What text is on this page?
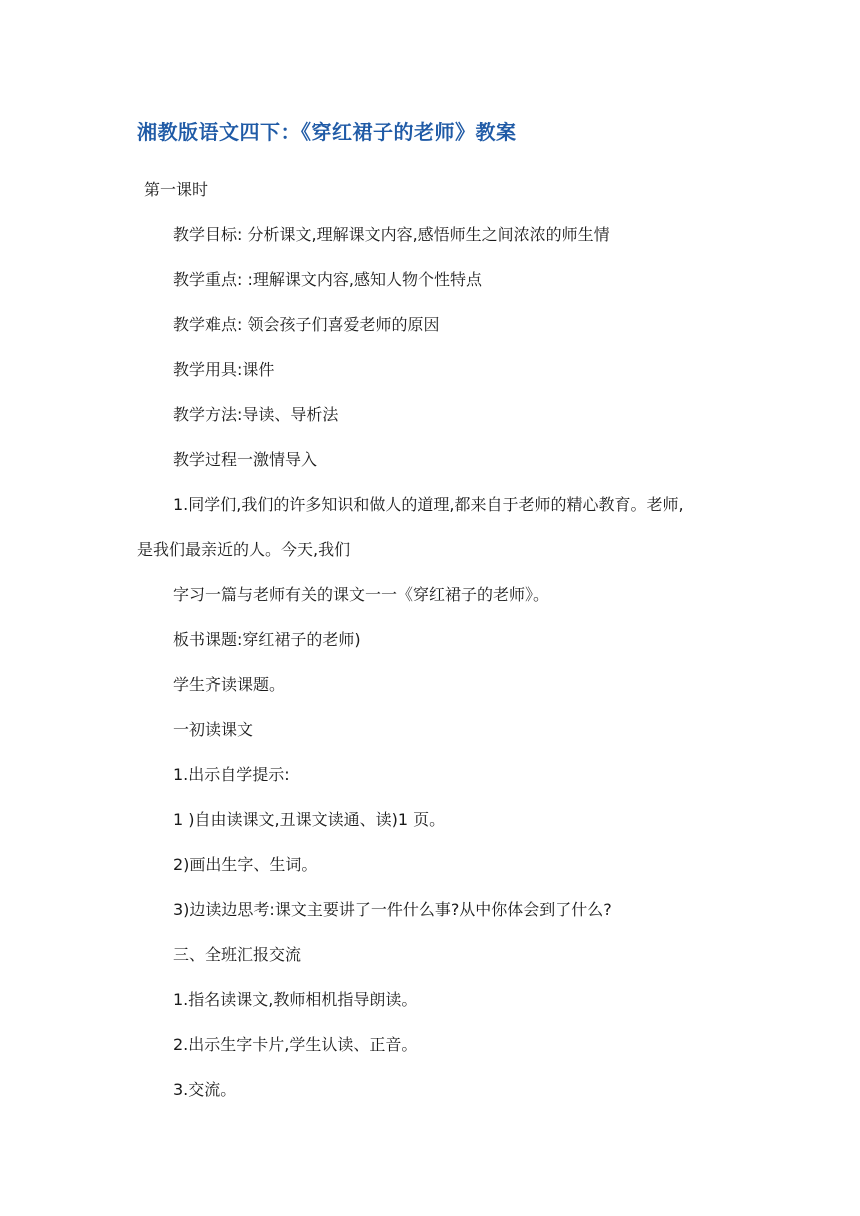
湘教版语文四下：《穿红裙子的老师》教案
第一课时
教学目标: 分析课文,理解课文内容,感悟师生之间浓浓的师生情
教学重点: :理解课文内容,感知人物个性特点
教学难点: 领会孩子们喜爱老师的原因
教学用具:课件
教学方法:导读、导析法
教学过程一激情导入
1.同学们,我们的许多知识和做人的道理,都来自于老师的精心教育。老师,
是我们最亲近的人。今天,我们
字习一篇与老师有关的课文一一《穿红裙子的老师》。
板书课题:穿红裙子的老师)
学生齐读课题。
一初读课文
1.出示自学提示:
1 )自由读课文,丑课文读通、读)1 页。
2)画出生字、生词。
3)边读边思考:课文主要讲了一件什么事?从中你体会到了什么?
三、全班汇报交流
1.指名读课文,教师相机指导朗读。
2.出示生字卡片,学生认读、正音。
3.交流。
